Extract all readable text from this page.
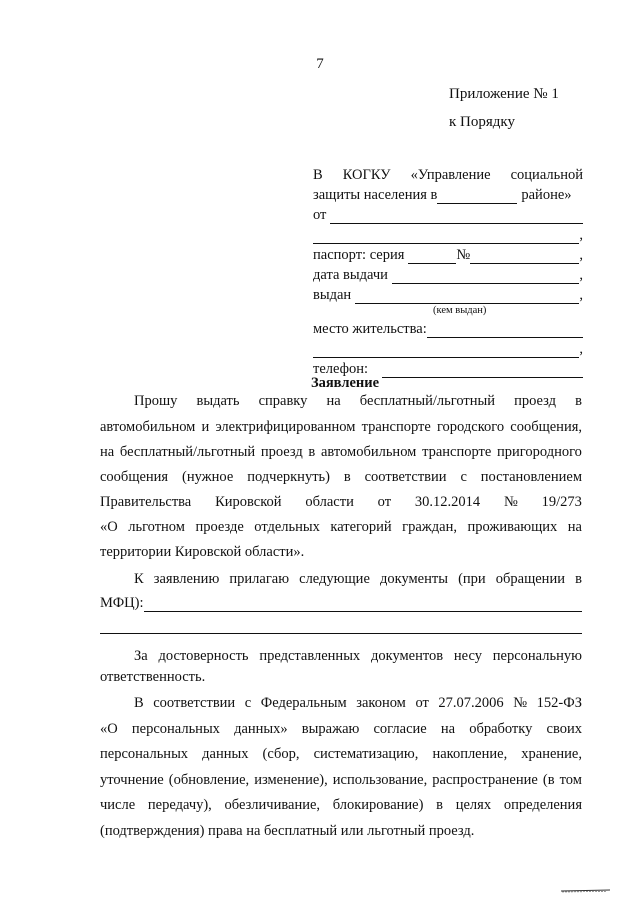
7
Приложение № 1
к Порядку
В КОГКУ «Управление социальной
защиты населения в	районе»
от
,
паспорт: серия	№	,
дата выдачи	,
выдан	,
(кем выдан)
место жительства:
,
телефон:
Заявление
Прошу выдать справку на бесплатный/льготный проезд в
автомобильном и электрифицированном транспорте городского сообщения,
на бесплатный/льготный проезд в автомобильном транспорте пригородного
сообщения (нужное подчеркнуть) в соответствии с постановлением
Правительства Кировской области от 30.12.2014 № 19/273
«О льготном проезде отдельных категорий граждан, проживающих на
территории Кировской области».
К заявлению прилагаю следующие документы (при обращении в
МФЦ):
За достоверность представленных документов несу персональную
ответственность.
В соответствии с Федеральным законом от 27.07.2006 № 152-ФЗ
«О персональных данных» выражаю согласие на обработку своих
персональных данных (сбор, систематизацию, накопление, хранение,
уточнение (обновление, изменение), использование, распространение (в том
числе передачу), обезличивание, блокирование) в целях определения
(подтверждения) права на бесплатный или льготный проезд.
